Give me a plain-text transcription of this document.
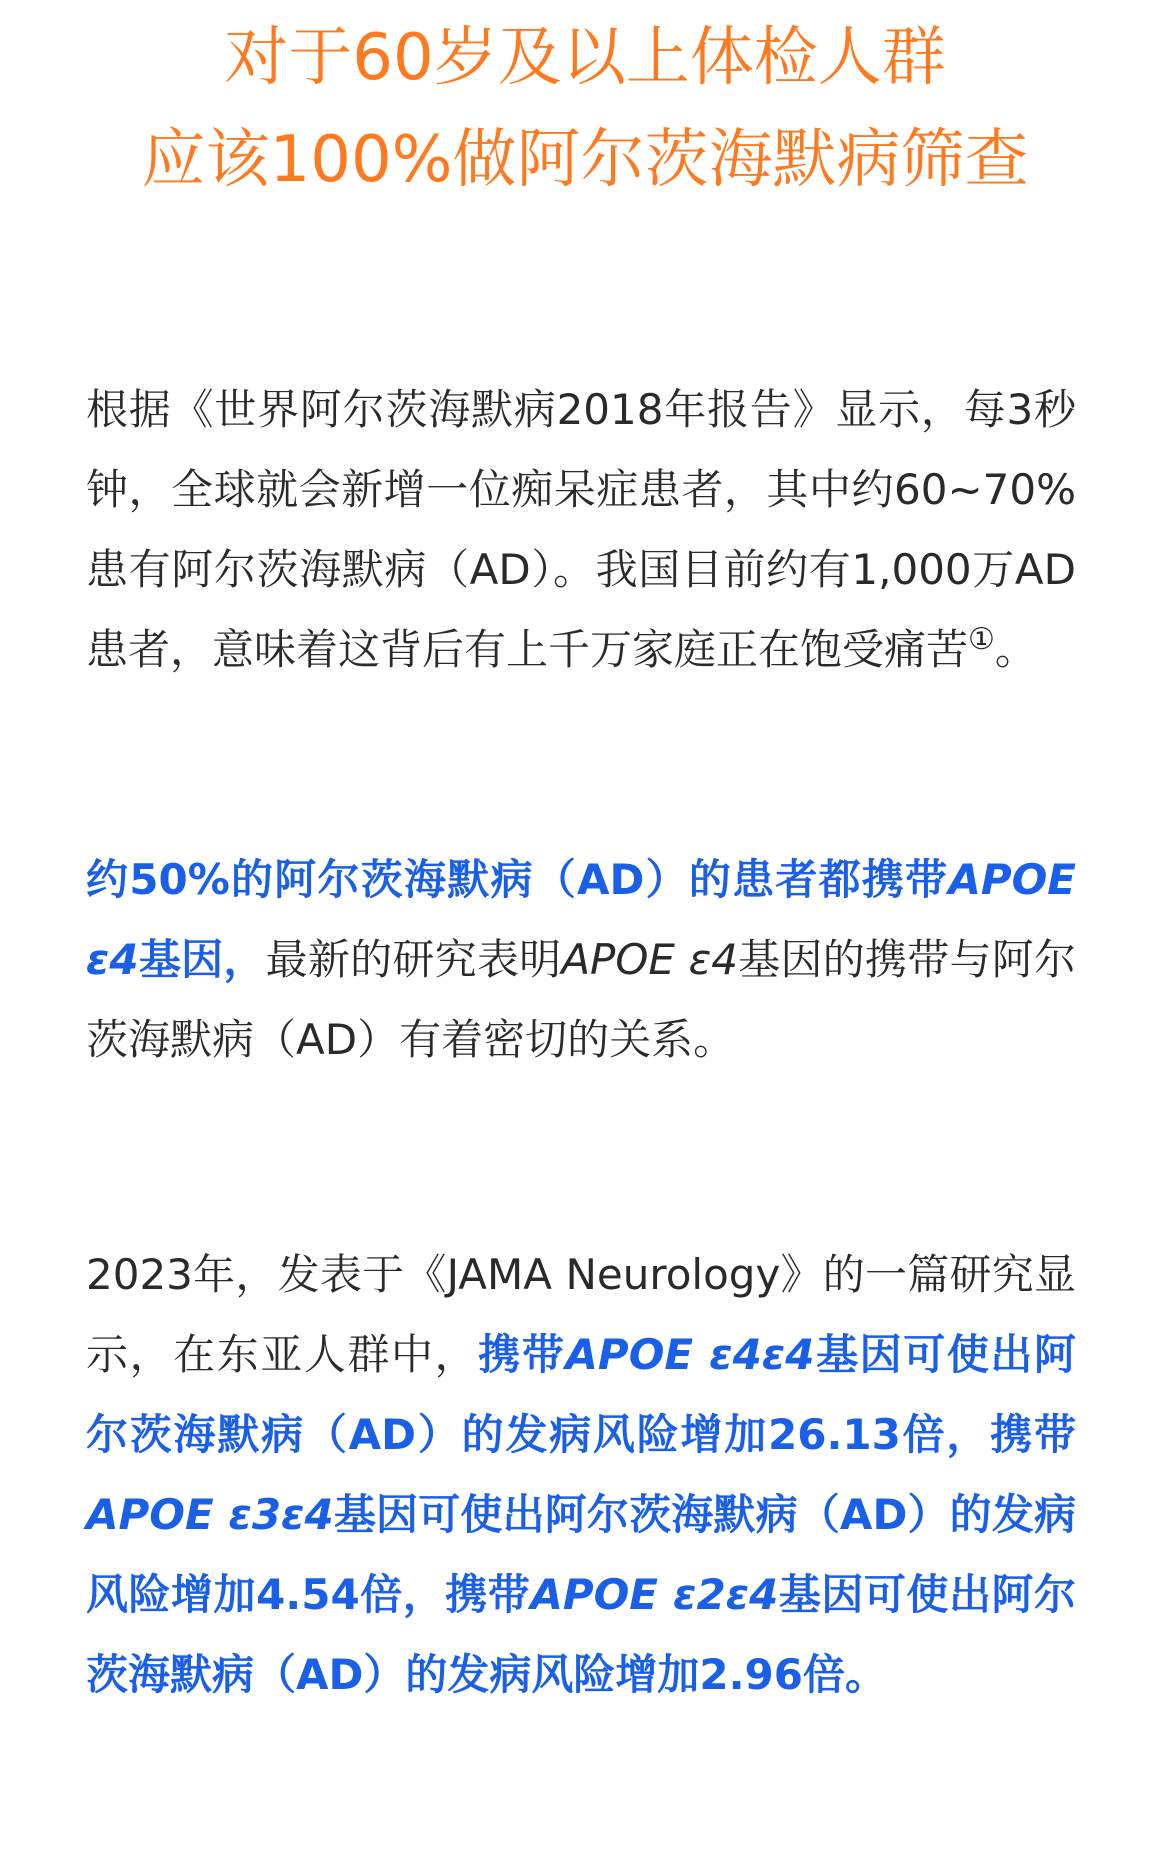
对于60岁及以上体检人群
应该100%做阿尔茨海默病筛查

根据《世界阿尔茨海默病2018年报告》显示，每3秒钟，全球就会新增一位痴呆症患者，其中约60~70%患有阿尔茨海默病（AD）。我国目前约有1,000万AD患者，意味着这背后有上千万家庭正在饱受痛苦①。

约50%的阿尔茨海默病（AD）的患者都携带APOE ε4基因，最新的研究表明APOE ε4基因的携带与阿尔茨海默病（AD）有着密切的关系。

2023年，发表于《JAMA Neurology》的一篇研究显示，在东亚人群中，携带APOE ε4ε4基因可使出阿尔茨海默病（AD）的发病风险增加26.13倍，携带APOE ε3ε4基因可使出阿尔茨海默病（AD）的发病风险增加4.54倍，携带APOE ε2ε4基因可使出阿尔茨海默病（AD）的发病风险增加2.96倍。
